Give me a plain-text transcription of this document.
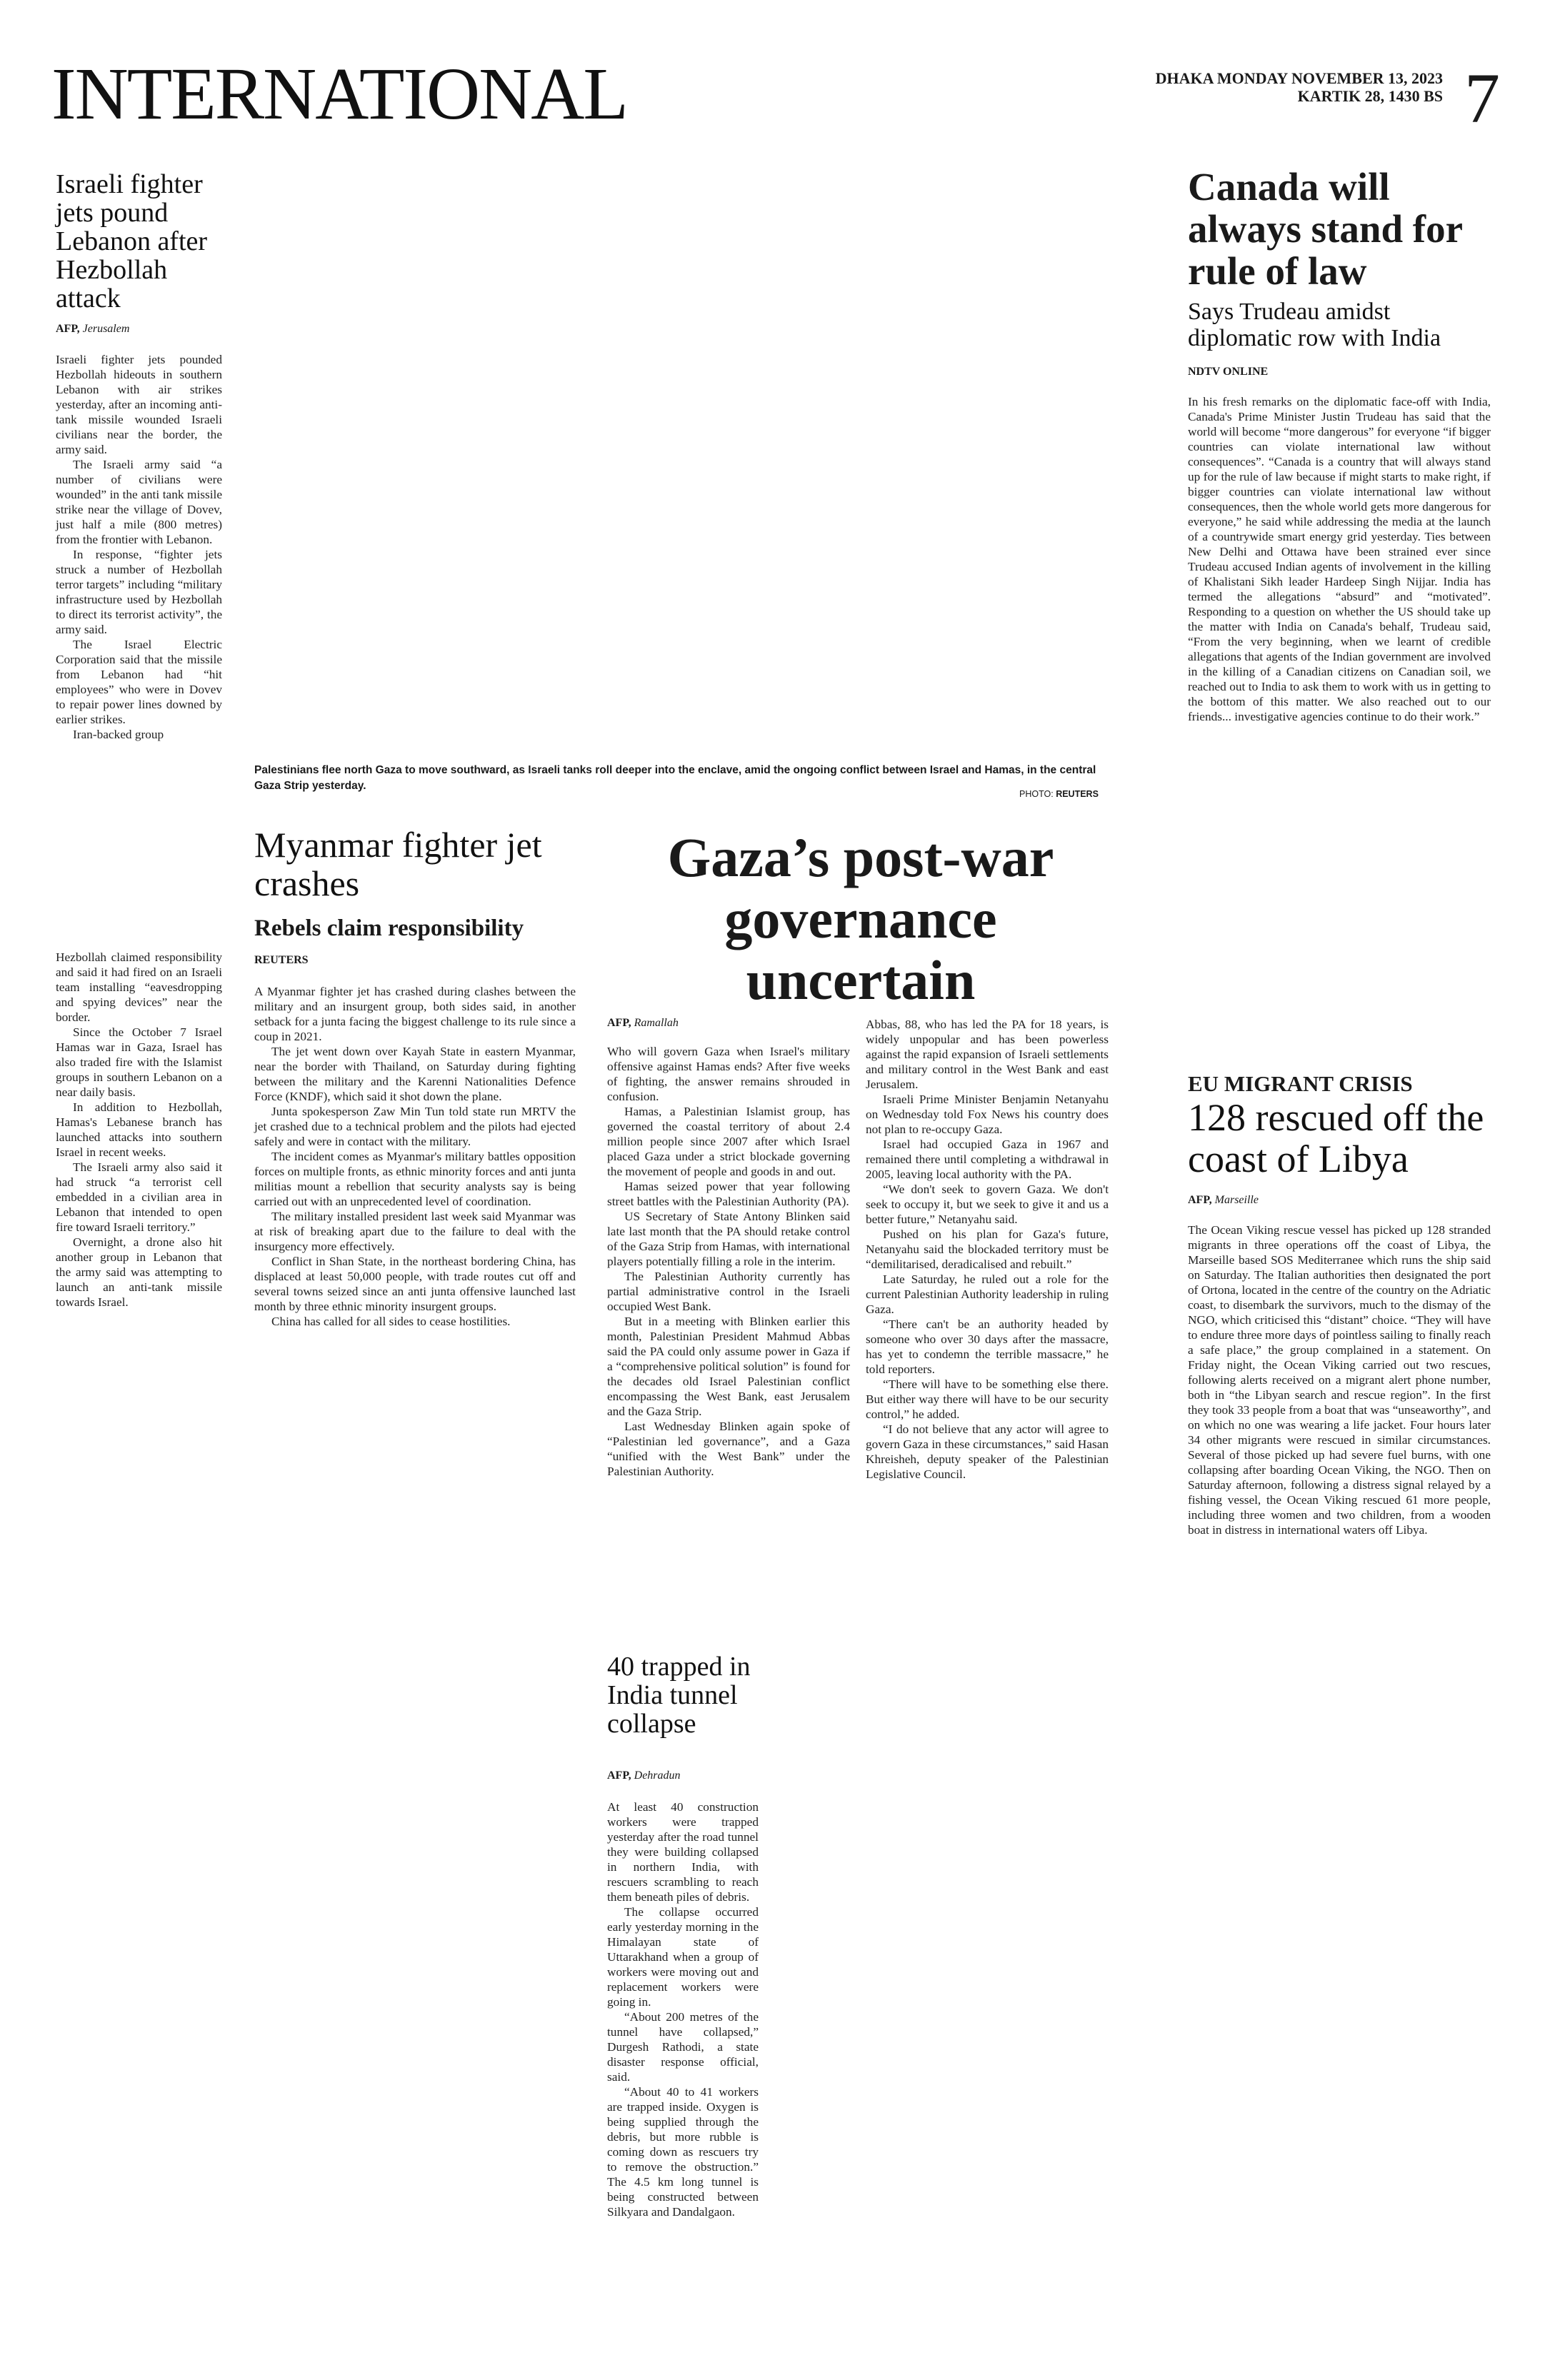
INTERNATIONAL	DHAKA MONDAY NOVEMBER 13, 2023
KARTIK 28, 1430 BS 7
Israeli fighter jets pound Lebanon after Hezbollah attack
AFP, Jerusalem

Israeli fighter jets pounded Hezbollah hideouts in southern Lebanon with air strikes yesterday, after an incoming anti-tank missile wounded Israeli civilians near the border, the army said.

The Israeli army said “a number of civilians were wounded” in the anti tank missile strike near the village of Dovev, just half a mile (800 metres) from the frontier with Lebanon.

In response, “fighter jets struck a number of Hezbollah terror targets” including “military infrastructure used by Hezbollah to direct its terrorist activity”, the army said.

The Israel Electric Corporation said that the missile from Lebanon had “hit employees” who were in Dovev to repair power lines downed by earlier strikes.

Iran-backed group

Hezbollah claimed responsibility and said it had fired on an Israeli team installing “eavesdropping and spying devices” near the border.

Since the October 7 Israel Hamas war in Gaza, Israel has also traded fire with the Islamist groups in southern Lebanon on a near daily basis.

In addition to Hezbollah, Hamas's Lebanese branch has launched attacks into southern Israel in recent weeks.

The Israeli army also said it had struck “a terrorist cell embedded in a civilian area in Lebanon that intended to open fire toward Israeli territory.”

Overnight, a drone also hit another group in Lebanon that the army said was attempting to launch an anti-tank missile towards Israel.

Palestinians flee north Gaza to move southward, as Israeli tanks roll deeper into the enclave, amid the ongoing conflict between Israel and Hamas, in the central Gaza Strip yesterday.
PHOTO: REUTERS
Canada will always stand for rule of law
Says Trudeau amidst diplomatic row with India
NDTV ONLINE

In his fresh remarks on the diplomatic face-off with India, Canada's Prime Minister Justin Trudeau has said that the world will become “more dangerous” for everyone “if bigger countries can violate international law without consequences”. “Canada is a country that will always stand up for the rule of law because if might starts to make right, if bigger countries can violate international law without consequences, then the whole world gets more dangerous for everyone,” he said while addressing the media at the launch of a countrywide smart energy grid yesterday. Ties between New Delhi and Ottawa have been strained ever since Trudeau accused Indian agents of involvement in the killing of Khalistani Sikh leader Hardeep Singh Nijjar. India has termed the allegations “absurd” and “motivated”. Responding to a question on whether the US should take up the matter with India on Canada's behalf, Trudeau said, “From the very beginning, when we learnt of credible allegations that agents of the Indian government are involved in the killing of a Canadian citizens on Canadian soil, we reached out to India to ask them to work with us in getting to the bottom of this matter. We also reached out to our friends... investigative agencies continue to do their work.”

Myanmar fighter jet crashes
Rebels claim responsibility
REUTERS

A Myanmar fighter jet has crashed during clashes between the military and an insurgent group, both sides said, in another setback for a junta facing the biggest challenge to its rule since a coup in 2021.

The jet went down over Kayah State in eastern Myanmar, near the border with Thailand, on Saturday during fighting between the military and the Karenni Nationalities Defence Force (KNDF), which said it shot down the plane.

Junta spokesperson Zaw Min Tun told state run MRTV the jet crashed due to a technical problem and the pilots had ejected safely and were in contact with the military.

The incident comes as Myanmar's military battles opposition forces on multiple fronts, as ethnic minority forces and anti junta militias mount a rebellion that security analysts say is being carried out with an unprecedented level of coordination.

The military installed president last week said Myanmar was at risk of breaking apart due to the failure to deal with the insurgency more effectively.

Conflict in Shan State, in the northeast bordering China, has displaced at least 50,000 people, with trade routes cut off and several towns seized since an anti junta offensive launched last month by three ethnic minority insurgent groups.

China has called for all sides to cease hostilities.

Gaza’s post-war governance uncertain
AFP, Ramallah

Who will govern Gaza when Israel's military offensive against Hamas ends? After five weeks of fighting, the answer remains shrouded in confusion.

Hamas, a Palestinian Islamist group, has governed the coastal territory of about 2.4 million people since 2007 after which Israel placed Gaza under a strict blockade governing the movement of people and goods in and out.

Hamas seized power that year following street battles with the Palestinian Authority (PA).

US Secretary of State Antony Blinken said late last month that the PA should retake control of the Gaza Strip from Hamas, with international players potentially filling a role in the interim.

The Palestinian Authority currently has partial administrative control in the Israeli occupied West Bank.

But in a meeting with Blinken earlier this month, Palestinian President Mahmud Abbas said the PA could only assume power in Gaza if a “comprehensive political solution” is found for the decades old Israel Palestinian conflict encompassing the West Bank, east Jerusalem and the Gaza Strip.

Last Wednesday Blinken again spoke of “Palestinian led governance”, and a Gaza “unified with the West Bank” under the Palestinian Authority.

Abbas, 88, who has led the PA for 18 years, is widely unpopular and has been powerless against the rapid expansion of Israeli settlements and military control in the West Bank and east Jerusalem.

Israeli Prime Minister Benjamin Netanyahu on Wednesday told Fox News his country does not plan to re-occupy Gaza.

Israel had occupied Gaza in 1967 and remained there until completing a withdrawal in 2005, leaving local authority with the PA.

“We don't seek to govern Gaza. We don't seek to occupy it, but we seek to give it and us a better future,” Netanyahu said.

Pushed on his plan for Gaza's future, Netanyahu said the blockaded territory must be “demilitarised, deradicalised and rebuilt.”

Late Saturday, he ruled out a role for the current Palestinian Authority leadership in ruling Gaza.

“There can't be an authority headed by someone who over 30 days after the massacre, has yet to condemn the terrible massacre,” he told reporters.

“There will have to be something else there. But either way there will have to be our security control,” he added.

“I do not believe that any actor will agree to govern Gaza in these circumstances,” said Hasan Khreisheh, deputy speaker of the Palestinian Legislative Council.

EU MIGRANT CRISIS
128 rescued off the coast of Libya
AFP, Marseille

The Ocean Viking rescue vessel has picked up 128 stranded migrants in three operations off the coast of Libya, the Marseille based SOS Mediterranee which runs the ship said on Saturday. The Italian authorities then designated the port of Ortona, located in the centre of the country on the Adriatic coast, to disembark the survivors, much to the dismay of the NGO, which criticised this “distant” choice. “They will have to endure three more days of pointless sailing to finally reach a safe place,” the group complained in a statement. On Friday night, the Ocean Viking carried out two rescues, following alerts received on a migrant alert phone number, both in “the Libyan search and rescue region”. In the first they took 33 people from a boat that was “unseaworthy”, and on which no one was wearing a life jacket. Four hours later 34 other migrants were rescued in similar circumstances. Several of those picked up had severe fuel burns, with one collapsing after boarding Ocean Viking, the NGO. Then on Saturday afternoon, following a distress signal relayed by a fishing vessel, the Ocean Viking rescued 61 more people, including three women and two children, from a wooden boat in distress in international waters off Libya.

40 trapped in India tunnel collapse
AFP, Dehradun

At least 40 construction workers were trapped yesterday after the road tunnel they were building collapsed in northern India, with rescuers scrambling to reach them beneath piles of debris.

The collapse occurred early yesterday morning in the Himalayan state of Uttarakhand when a group of workers were moving out and replacement workers were going in.

“About 200 metres of the tunnel have collapsed,” Durgesh Rathodi, a state disaster response official, said.

“About 40 to 41 workers are trapped inside. Oxygen is being supplied through the debris, but more rubble is coming down as rescuers try to remove the obstruction.” The 4.5 km long tunnel is being constructed between Silkyara and Dandalgaon.
